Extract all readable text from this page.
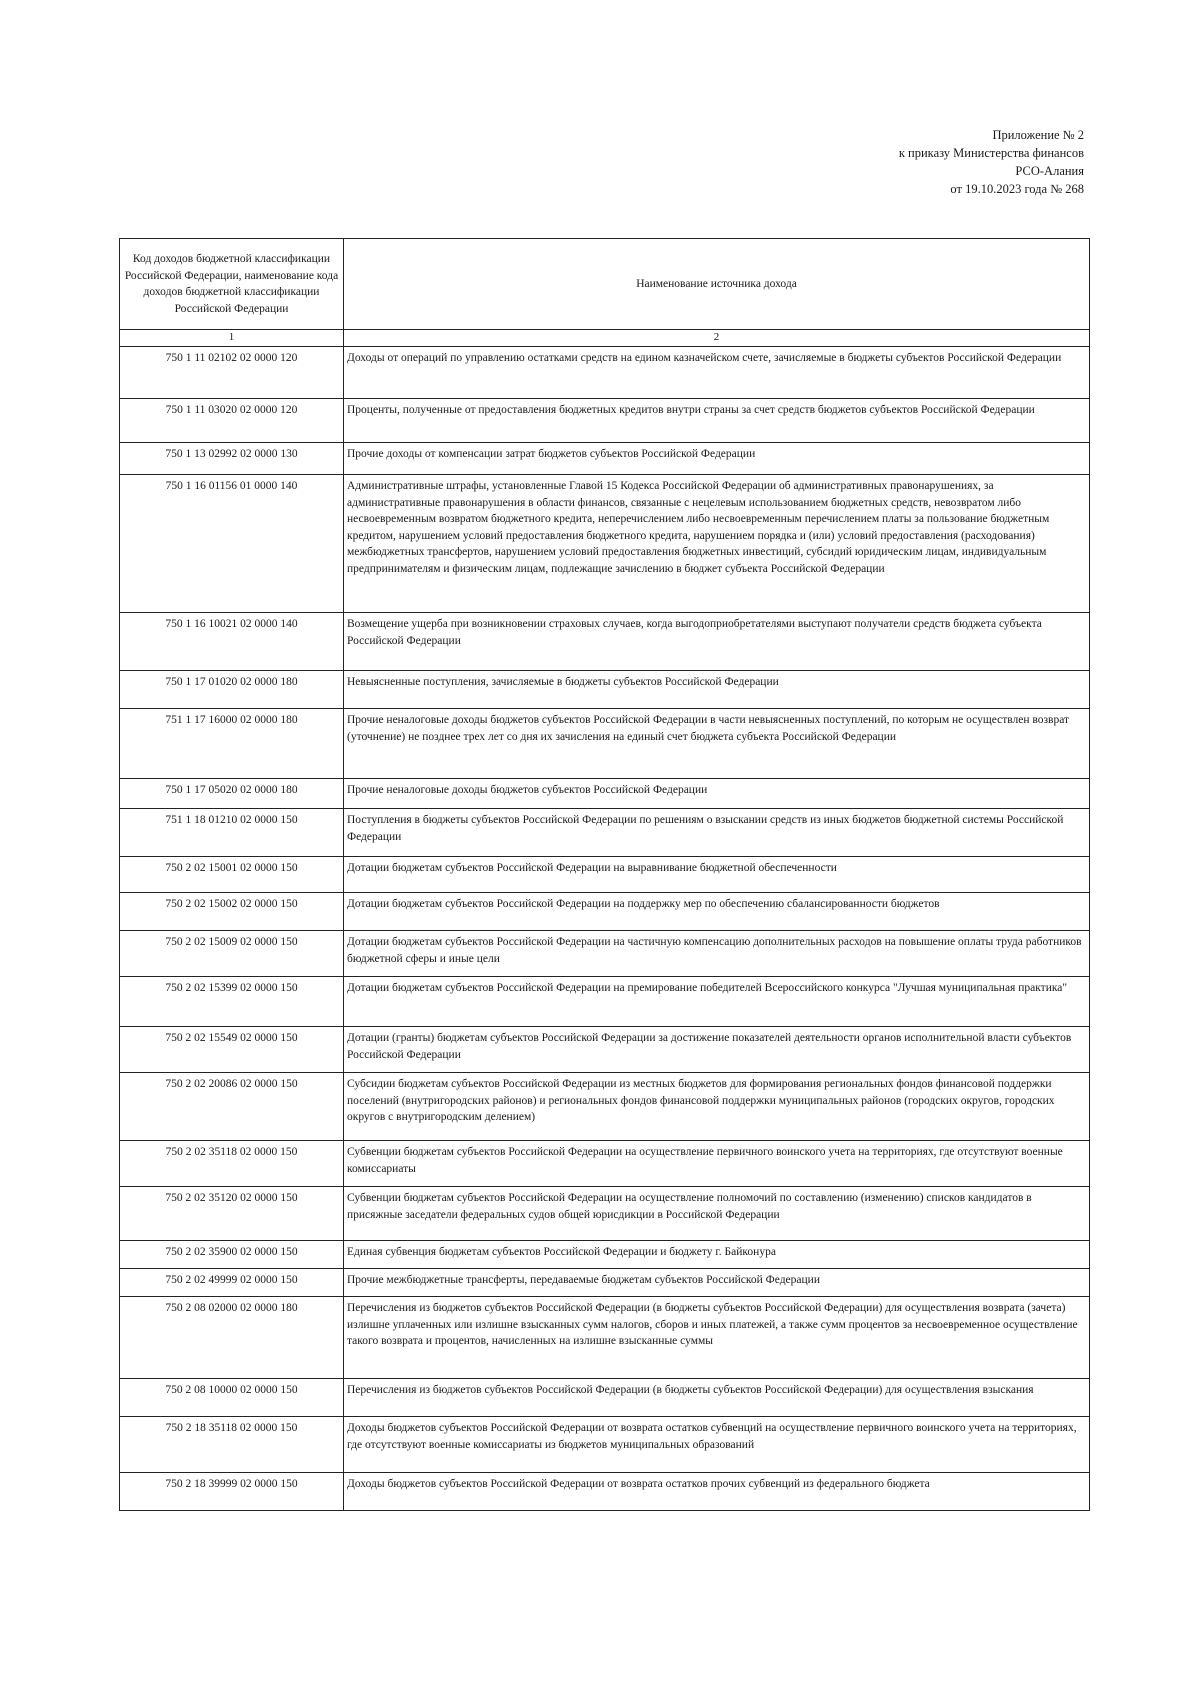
Приложение № 2
к приказу Министерства финансов
РСО-Алания
от 19.10.2023 года № 268
Код доходов бюджетной классификации Российской Федерации, наименование кода доходов бюджетной классификации Российской Федерации	Наименование источника дохода
1	2
750 1 11 02102 02 0000 120	Доходы от операций по управлению остатками средств на едином казначейском счете, зачисляемые в бюджеты субъектов Российской Федерации
750 1 11 03020 02 0000 120	Проценты, полученные от предоставления бюджетных кредитов внутри страны за счет средств бюджетов субъектов Российской Федерации
750 1 13 02992 02 0000 130	Прочие доходы от компенсации затрат бюджетов субъектов Российской Федерации
750 1 16 01156 01 0000 140	Административные штрафы, установленные Главой 15 Кодекса Российской Федерации об административных правонарушениях, за административные правонарушения в области финансов, связанные с нецелевым использованием бюджетных средств, невозвратом либо несвоевременным возвратом бюджетного кредита, неперечислением либо несвоевременным перечислением платы за пользование бюджетным кредитом, нарушением условий предоставления бюджетного кредита, нарушением порядка и (или) условий предоставления (расходования) межбюджетных трансфертов, нарушением условий предоставления бюджетных инвестиций, субсидий юридическим лицам, индивидуальным предпринимателям и физическим лицам, подлежащие зачислению в бюджет субъекта Российской Федерации
750 1 16 10021 02 0000 140	Возмещение ущерба при возникновении страховых случаев, когда выгодоприобретателями выступают получатели средств бюджета субъекта Российской Федерации
750 1 17 01020 02 0000 180	Невыясненные поступления, зачисляемые в бюджеты субъектов Российской Федерации
751 1 17 16000 02 0000 180	Прочие неналоговые доходы бюджетов субъектов Российской Федерации в части невыясненных поступлений, по которым не осуществлен возврат (уточнение) не позднее трех лет со дня их зачисления на единый счет бюджета субъекта Российской Федерации
750 1 17 05020 02 0000 180	Прочие неналоговые доходы бюджетов субъектов Российской Федерации
751 1 18 01210 02 0000 150	Поступления в бюджеты субъектов Российской Федерации по решениям о взыскании средств из иных бюджетов бюджетной системы Российской Федерации
750 2 02 15001 02 0000 150	Дотации бюджетам субъектов Российской Федерации на выравнивание бюджетной обеспеченности
750 2 02 15002 02 0000 150	Дотации бюджетам субъектов Российской Федерации на поддержку мер по обеспечению сбалансированности бюджетов
750 2 02 15009 02 0000 150	Дотации бюджетам субъектов Российской Федерации на частичную компенсацию дополнительных расходов на повышение оплаты труда работников бюджетной сферы и иные цели
750 2 02 15399 02 0000 150	Дотации бюджетам субъектов Российской Федерации на премирование победителей Всероссийского конкурса "Лучшая муниципальная практика"
750 2 02 15549 02 0000 150	Дотации (гранты) бюджетам субъектов Российской Федерации за достижение показателей деятельности органов исполнительной власти субъектов Российской Федерации
750 2 02 20086 02 0000 150	Субсидии бюджетам субъектов Российской Федерации из местных бюджетов для формирования региональных фондов финансовой поддержки поселений (внутригородских районов) и региональных фондов финансовой поддержки муниципальных районов (городских округов, городских округов с внутригородским делением)
750 2 02 35118 02 0000 150	Субвенции бюджетам субъектов Российской Федерации на осуществление первичного воинского учета на территориях, где отсутствуют военные комиссариаты
750 2 02 35120 02 0000 150	Субвенции бюджетам субъектов Российской Федерации на осуществление полномочий по составлению (изменению) списков кандидатов в присяжные заседатели федеральных судов общей юрисдикции в Российской Федерации
750 2 02 35900 02 0000 150	Единая субвенция бюджетам субъектов Российской Федерации и бюджету г. Байконура
750 2 02 49999 02 0000 150	Прочие межбюджетные трансферты, передаваемые бюджетам субъектов Российской Федерации
750 2 08 02000 02 0000 180	Перечисления из бюджетов субъектов Российской Федерации (в бюджеты субъектов Российской Федерации) для осуществления возврата (зачета) излишне уплаченных или излишне взысканных сумм налогов, сборов и иных платежей, а также сумм процентов за несвоевременное осуществление такого возврата и процентов, начисленных на излишне взысканные суммы
750 2 08 10000 02 0000 150	Перечисления из бюджетов субъектов Российской Федерации (в бюджеты субъектов Российской Федерации) для осуществления взыскания
750 2 18 35118 02 0000 150	Доходы бюджетов субъектов Российской Федерации от возврата остатков субвенций на осуществление первичного воинского учета на территориях, где отсутствуют военные комиссариаты из бюджетов муниципальных образований
750 2 18 39999 02 0000 150	Доходы бюджетов субъектов Российской Федерации от возврата остатков прочих субвенций из федерального бюджета
